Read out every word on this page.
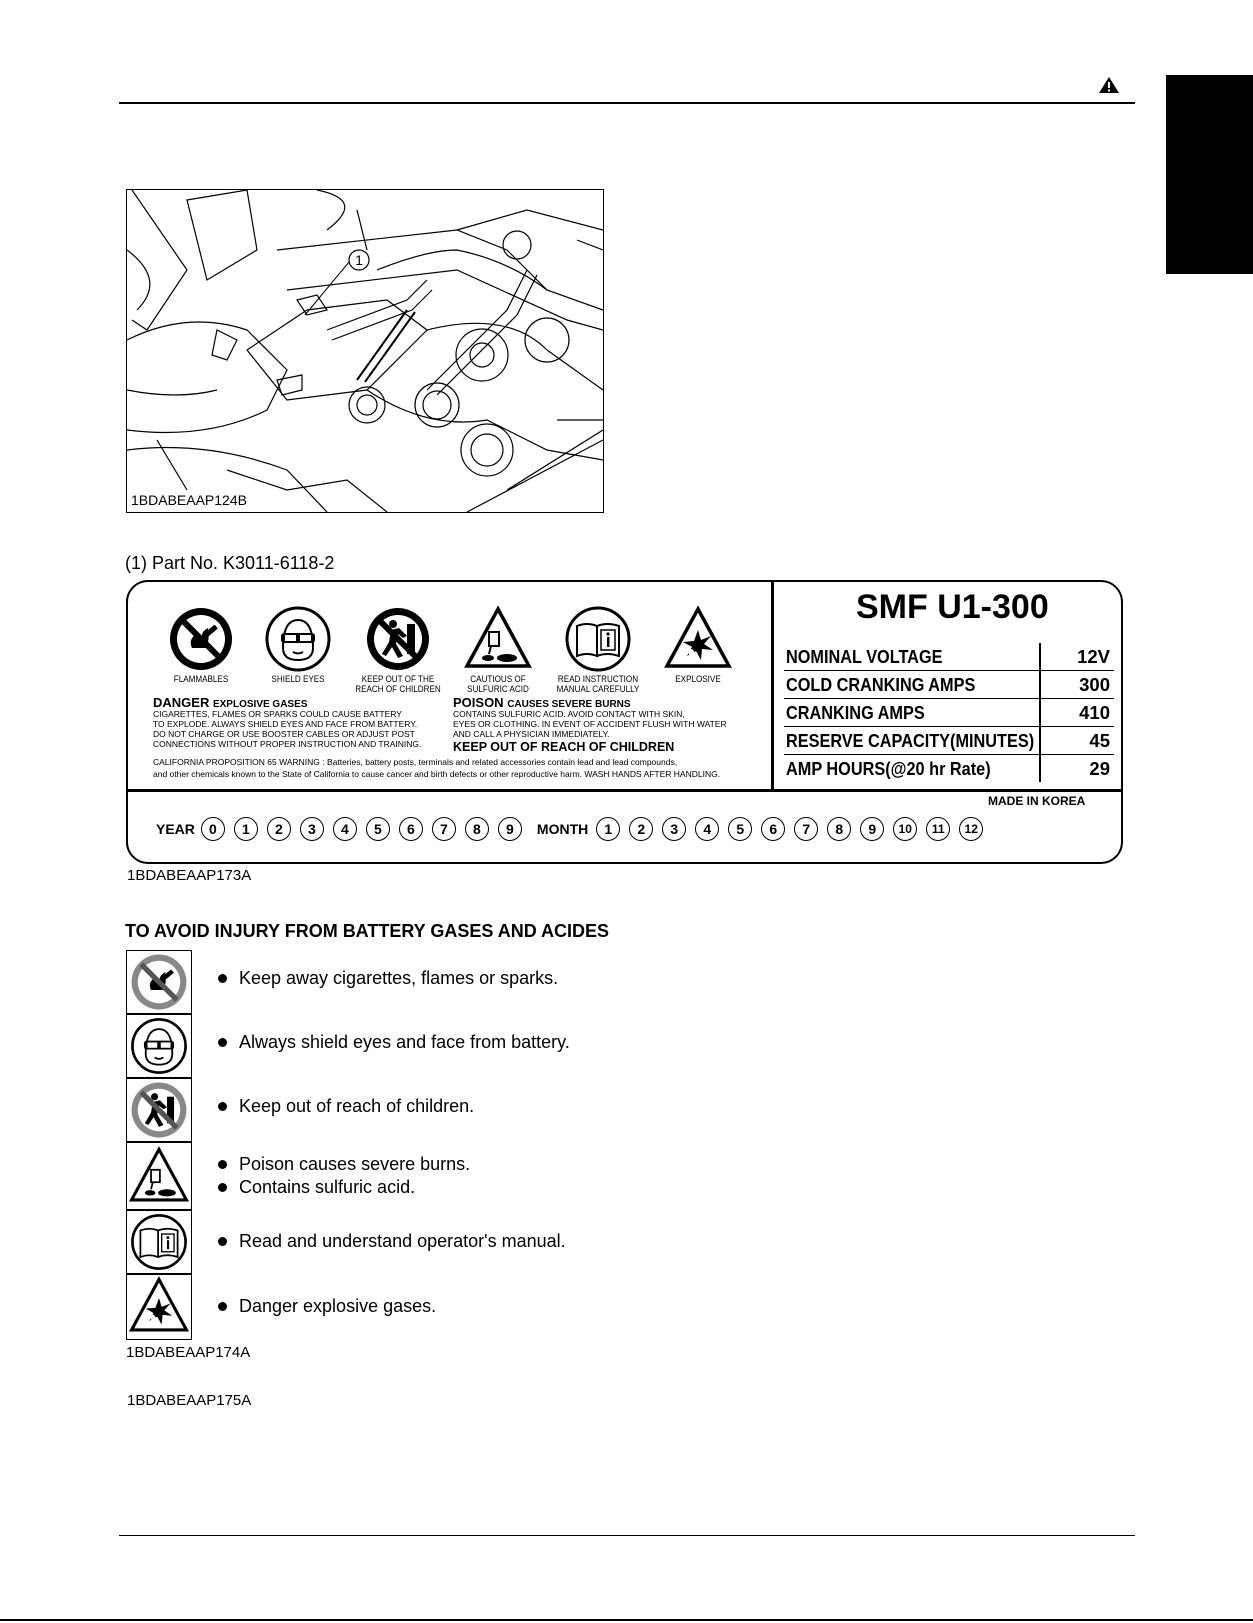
1
1BDABEAAP124B
(1) Part No. K3011-6118-2
FLAMMABLES	SHIELD EYES	KEEP OUT OF THE REACH OF CHILDREN
CAUTIOUS OF SULFURIC ACID
READ INSTRUCTION MANUAL CAREFULLY
EXPLOSIVE
DANGER EXPLOSIVE GASES
CIGARETTES, FLAMES OR SPARKS COULD CAUSE BATTERY
TO EXPLODE. ALWAYS SHIELD EYES AND FACE FROM BATTERY.
DO NOT CHARGE OR USE BOOSTER CABLES OR ADJUST POST
CONNECTIONS WITHOUT PROPER INSTRUCTION AND TRAINING.
POISON CAUSES SEVERE BURNS
CONTAINS SULFURIC ACID. AVOID CONTACT WITH SKIN,
EYES OR CLOTHING. IN EVENT OF ACCIDENT FLUSH WITH WATER
AND CALL A PHYSICIAN IMMEDIATELY.
KEEP OUT OF REACH OF CHILDREN
CALIFORNIA PROPOSITION 65 WARNING : Batteries, battery posts, terminals and related accessories contain lead and lead compounds,
and other chemicals known to the State of California to cause cancer and birth defects or other reproductive harm. WASH HANDS AFTER HANDLING.
SMF U1-300
NOMINAL VOLTAGE	12V
COLD CRANKING AMPS	300
CRANKING AMPS	410
RESERVE CAPACITY(MINUTES)	45
AMP HOURS(@20 hr Rate)	29
MADE IN KOREA
YEAR	0	1	2	3	4	5	6	7	8	9	MONTH	1	2	3	4	5	6	7	8	9	10	11	12
1BDABEAAP173A
TO AVOID INJURY FROM BATTERY GASES AND ACIDES
Keep away cigarettes, flames or sparks.
Always shield eyes and face from battery.
Keep out of reach of children.
Poison causes severe burns.
Contains sulfuric acid.
Read and understand operator's manual.
Danger explosive gases.
1BDABEAAP174A
1BDABEAAP175A
